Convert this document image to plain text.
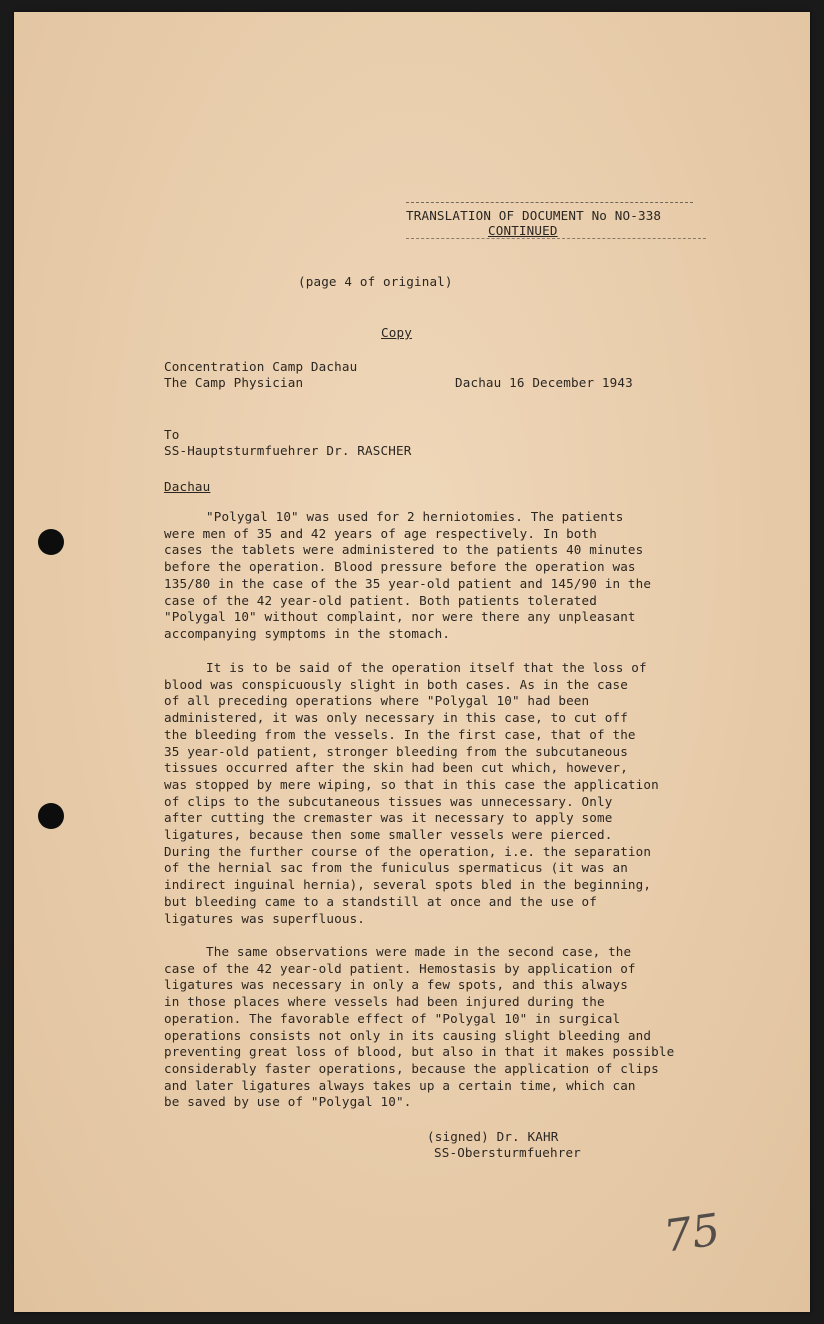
TRANSLATION OF DOCUMENT No NO-338
CONTINUED
(page 4 of original)
Copy
Concentration Camp Dachau
The Camp Physician	Dachau 16 December 1943
To
SS-Hauptsturmfuehrer Dr. RASCHER
Dachau
"Polygal 10" was used for 2 herniotomies. The patients
were men of 35 and 42 years of age respectively. In both
cases the tablets were administered to the patients 40 minutes
before the operation. Blood pressure before the operation was
135/80 in the case of the 35 year-old patient and 145/90 in the
case of the 42 year-old patient. Both patients tolerated
"Polygal 10" without complaint, nor were there any unpleasant
accompanying symptoms in the stomach.
It is to be said of the operation itself that the loss of
blood was conspicuously slight in both cases. As in the case
of all preceding operations where "Polygal 10" had been
administered, it was only necessary in this case, to cut off
the bleeding from the vessels. In the first case, that of the
35 year-old patient, stronger bleeding from the subcutaneous
tissues occurred after the skin had been cut which, however,
was stopped by mere wiping, so that in this case the application
of clips to the subcutaneous tissues was unnecessary. Only
after cutting the cremaster was it necessary to apply some
ligatures, because then some smaller vessels were pierced.
During the further course of the operation, i.e. the separation
of the hernial sac from the funiculus spermaticus (it was an
indirect inguinal hernia), several spots bled in the beginning,
but bleeding came to a standstill at once and the use of
ligatures was superfluous.
The same observations were made in the second case, the
case of the 42 year-old patient. Hemostasis by application of
ligatures was necessary in only a few spots, and this always
in those places where vessels had been injured during the
operation. The favorable effect of "Polygal 10" in surgical
operations consists not only in its causing slight bleeding and
preventing great loss of blood, but also in that it makes possible
considerably faster operations, because the application of clips
and later ligatures always takes up a certain time, which can
be saved by use of "Polygal 10".
(signed) Dr. KAHR
SS-Obersturmfuehrer
75
